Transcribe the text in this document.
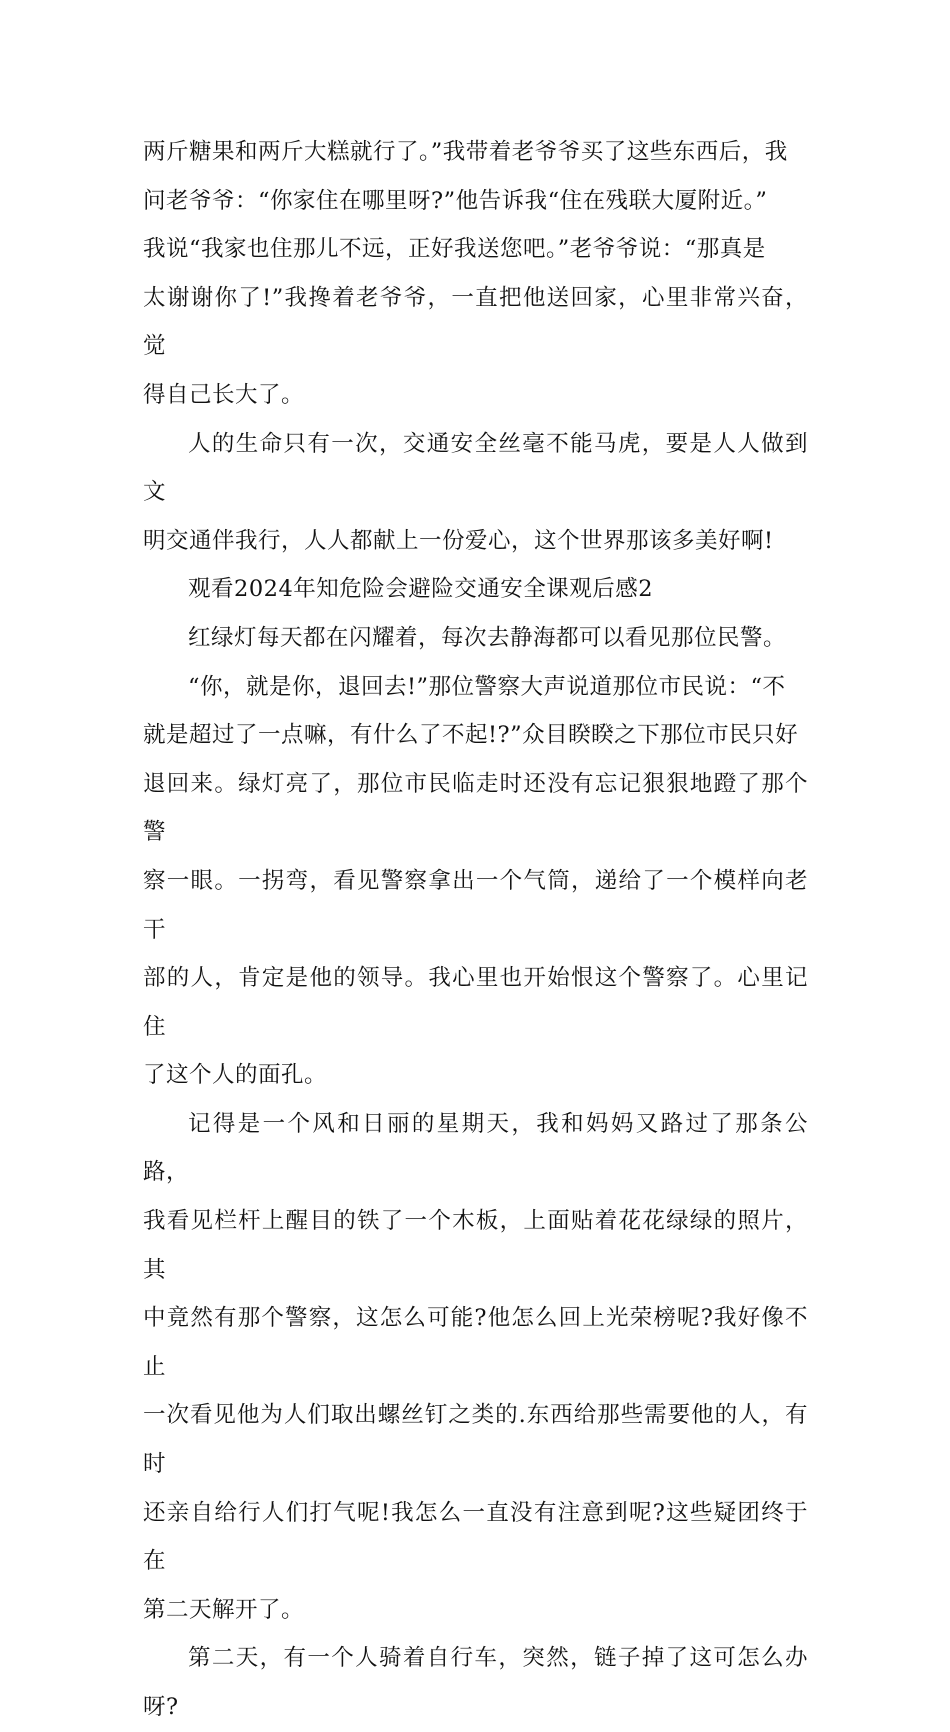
两斤糖果和两斤大糕就行了。”我带着老爷爷买了这些东西后，我
问老爷爷：“你家住在哪里呀?”他告诉我“住在残联大厦附近。”
我说“我家也住那儿不远，正好我送您吧。”老爷爷说：“那真是
太谢谢你了!”我搀着老爷爷，一直把他送回家，心里非常兴奋，觉
得自己长大了。

人的生命只有一次，交通安全丝毫不能马虎，要是人人做到文
明交通伴我行，人人都献上一份爱心，这个世界那该多美好啊!

观看2024年知危险会避险交通安全课观后感2

红绿灯每天都在闪耀着，每次去静海都可以看见那位民警。

“你，就是你，退回去!”那位警察大声说道那位市民说：“不
就是超过了一点嘛，有什么了不起!?”众目睽睽之下那位市民只好
退回来。绿灯亮了，那位市民临走时还没有忘记狠狠地蹬了那个警
察一眼。一拐弯，看见警察拿出一个气筒，递给了一个模样向老干
部的人，肯定是他的领导。我心里也开始恨这个警察了。心里记住
了这个人的面孔。

记得是一个风和日丽的星期天，我和妈妈又路过了那条公路，
我看见栏杆上醒目的铁了一个木板，上面贴着花花绿绿的照片，其
中竟然有那个警察，这怎么可能?他怎么回上光荣榜呢?我好像不止
一次看见他为人们取出螺丝钉之类的.东西给那些需要他的人，有时
还亲自给行人们打气呢!我怎么一直没有注意到呢?这些疑团终于在
第二天解开了。

第二天，有一个人骑着自行车，突然，链子掉了这可怎么办呀?
